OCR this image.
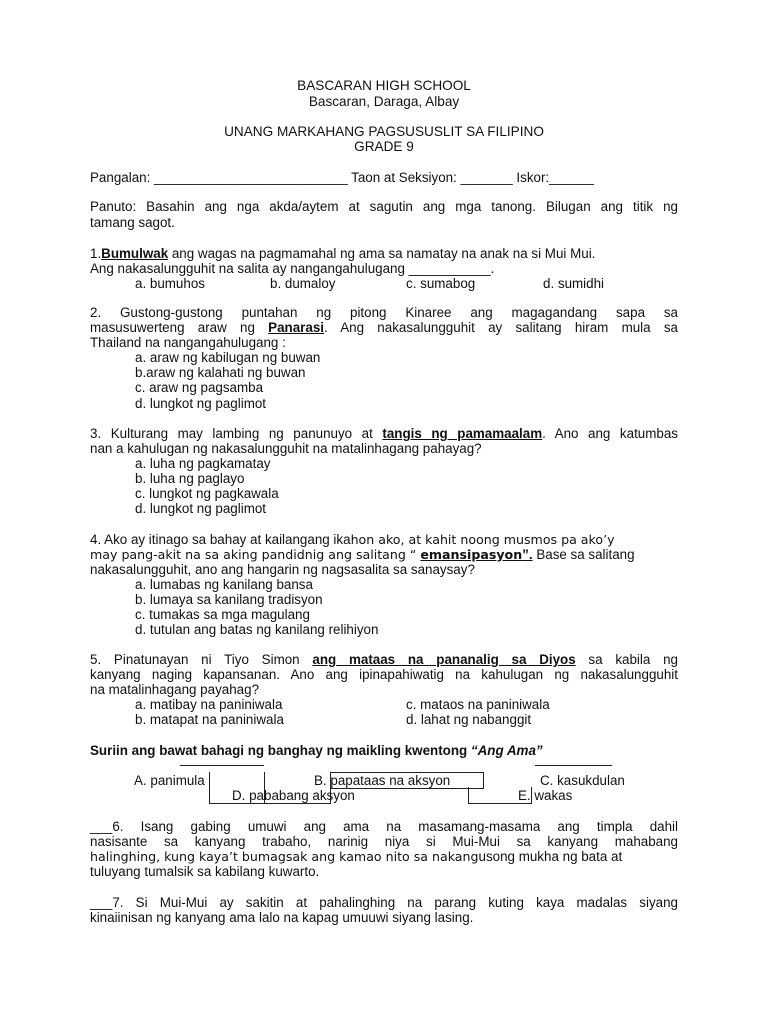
BASCARAN HIGH SCHOOL
Bascaran, Daraga, Albay
UNANG MARKAHANG PAGSUSUSLIT SA FILIPINO
GRADE 9
Pangalan: __________________________ Taon at Seksiyon: _______ Iskor:______
Panuto: Basahin ang nga akda/aytem at sagutin ang mga tanong. Bilugan ang titik ng
tamang sagot.
1.Bumulwak ang wagas na pagmamahal ng ama sa namatay na anak na si Mui Mui.
Ang nakasalungguhit na salita ay nangangahulugang ___________.
a. bumuhos	b. dumaloy	c. sumabog	d. sumidhi
2. Gustong-gustong puntahan ng pitong Kinaree ang magagandang sapa sa
masusuwerteng araw ng Panarasi. Ang nakasalungguhit ay salitang hiram mula sa
Thailand na nangangahulugang :
a. araw ng kabilugan ng buwan
b.araw ng kalahati ng buwan
c. araw ng pagsamba
d. lungkot ng paglimot
3. Kulturang may lambing ng panunuyo at tangis ng pamamaalam. Ano ang katumbas
nan a kahulugan ng nakasalungguhit na matalinhagang pahayag?
a. luha ng pagkamatay
b. luha ng paglayo
c. lungkot ng pagkawala
d. lungkot ng paglimot
4. Ako ay itinago sa bahay at kailangang ikahon ako, at kahit noong musmos pa ako’y
may pang-akit na sa aking pandidnig ang salitang “ emansipasyon”. Base sa salitang
nakasalungguhit, ano ang hangarin ng nagsasalita sa sanaysay?
a. lumabas ng kanilang bansa
b. lumaya sa kanilang tradisyon
c. tumakas sa mga magulang
d. tutulan ang batas ng kanilang relihiyon
5. Pinatunayan ni Tiyo Simon ang mataas na pananalig sa Diyos sa kabila ng
kanyang naging kapansanan. Ano ang ipinapahiwatig na kahulugan ng nakasalungguhit
na matalinhagang payahag?
a. matibay na paniniwala	c. mataos na paniniwala
b. matapat na paniniwala	d. lahat ng nabanggit
Suriin ang bawat bahagi ng banghay ng maikling kwentong “Ang Ama”
A. panimula	B. papataas na aksyon	C. kasukdulan
D. pababang aksyon	E. wakas
___6. Isang gabing umuwi ang ama na masamang-masama ang timpla dahil
nasisante sa kanyang trabaho, narinig niya si Mui-Mui sa kanyang mahabang
halinghing, kung kaya’t bumagsak ang kamao nito sa nakangusong mukha ng bata at
tuluyang tumalsik sa kabilang kuwarto.
___7. Si Mui-Mui ay sakitin at pahalinghing na parang kuting kaya madalas siyang
kinaiinisan ng kanyang ama lalo na kapag umuuwi siyang lasing.
